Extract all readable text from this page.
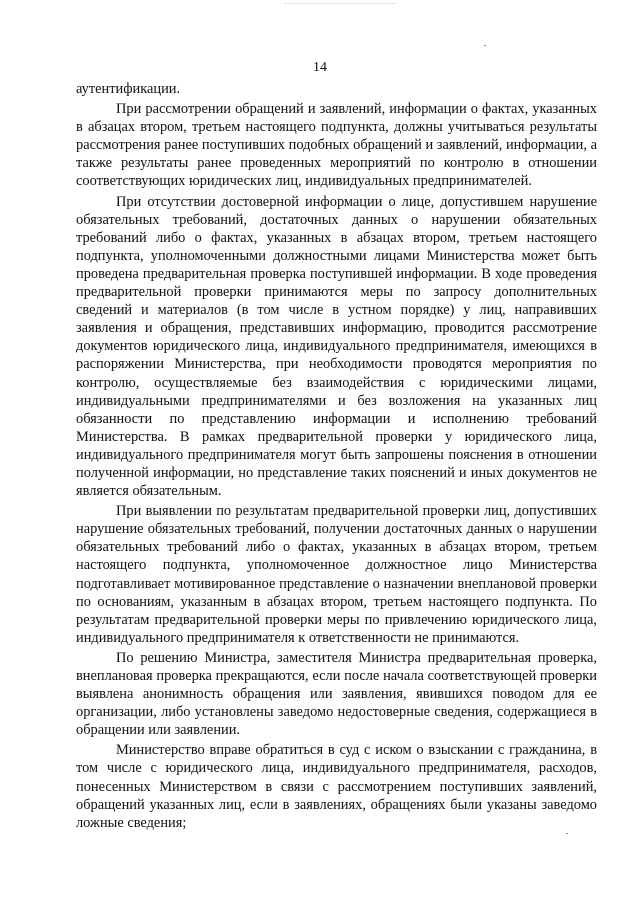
14

аутентификации.

При рассмотрении обращений и заявлений, информации о фактах, указанных в абзацах втором, третьем настоящего подпункта, должны учитываться результаты рассмотрения ранее поступивших подобных обращений и заявлений, информации, а также результаты ранее проведенных мероприятий по контролю в отношении соответствующих юридических лиц, индивидуальных предпринимателей.

При отсутствии достоверной информации о лице, допустившем нарушение обязательных требований, достаточных данных о нарушении обязательных требований либо о фактах, указанных в абзацах втором, третьем настоящего подпункта, уполномоченными должностными лицами Министерства может быть проведена предварительная проверка поступившей информации. В ходе проведения предварительной проверки принимаются меры по запросу дополнительных сведений и материалов (в том числе в устном порядке) у лиц, направивших заявления и обращения, представивших информацию, проводится рассмотрение документов юридического лица, индивидуального предпринимателя, имеющихся в распоряжении Министерства, при необходимости проводятся мероприятия по контролю, осуществляемые без взаимодействия с юридическими лицами, индивидуальными предпринимателями и без возложения на указанных лиц обязанности по представлению информации и исполнению требований Министерства. В рамках предварительной проверки у юридического лица, индивидуального предпринимателя могут быть запрошены пояснения в отношении полученной информации, но представление таких пояснений и иных документов не является обязательным.

При выявлении по результатам предварительной проверки лиц, допустивших нарушение обязательных требований, получении достаточных данных о нарушении обязательных требований либо о фактах, указанных в абзацах втором, третьем настоящего подпункта, уполномоченное должностное лицо Министерства подготавливает мотивированное представление о назначении внеплановой проверки по основаниям, указанным в абзацах втором, третьем настоящего подпункта. По результатам предварительной проверки меры по привлечению юридического лица, индивидуального предпринимателя к ответственности не принимаются.

По решению Министра, заместителя Министра предварительная проверка, внеплановая проверка прекращаются, если после начала соответствующей проверки выявлена анонимность обращения или заявления, явившихся поводом для ее организации, либо установлены заведомо недостоверные сведения, содержащиеся в обращении или заявлении.

Министерство вправе обратиться в суд с иском о взыскании с гражданина, в том числе с юридического лица, индивидуального предпринимателя, расходов, понесенных Министерством в связи с рассмотрением поступивших заявлений, обращений указанных лиц, если в заявлениях, обращениях были указаны заведомо ложные сведения;
